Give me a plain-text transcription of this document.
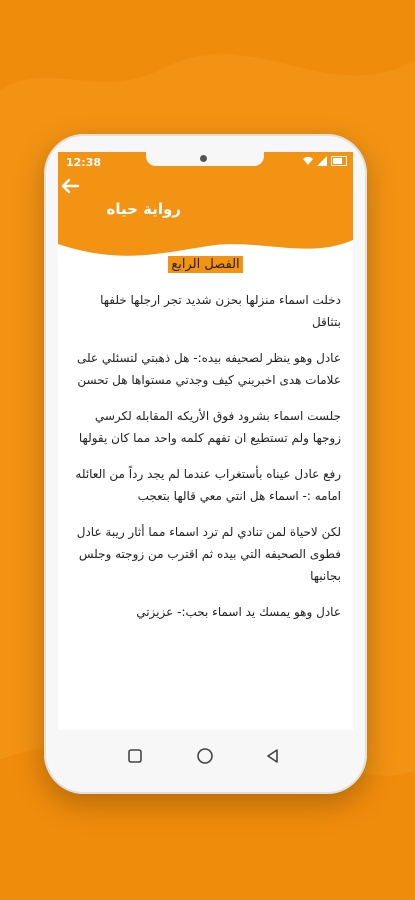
12:38
رواية حياه
الفصل الرابع

دخلت اسماء منزلها بحزن شديد تجر ارجلها خلفها بتثاقل

عادل وهو ينظر لصحيفه بيده:- هل ذهبتي لتسئلي على علامات هدى اخبريني كيف وجدتي مستواها هل تحسن

جلست اسماء بشرود فوق الأريكه المقابله لكرسي زوجها ولم تستطيع ان تفهم كلمه واحد مما كان يقولها

رفع عادل عيناه بأستغراب عندما لم يجد رداً من العائله امامه :- اسماء هل انتي معي قالها بتعجب

لكن لاحياة لمن تنادي لم ترد اسماء مما أثار ريبة عادل فطوى الصحيفه التي بيده ثم اقترب من زوجته وجلس بجانبها

عادل وهو يمسك يد اسماء بحب:- عزيزتي
